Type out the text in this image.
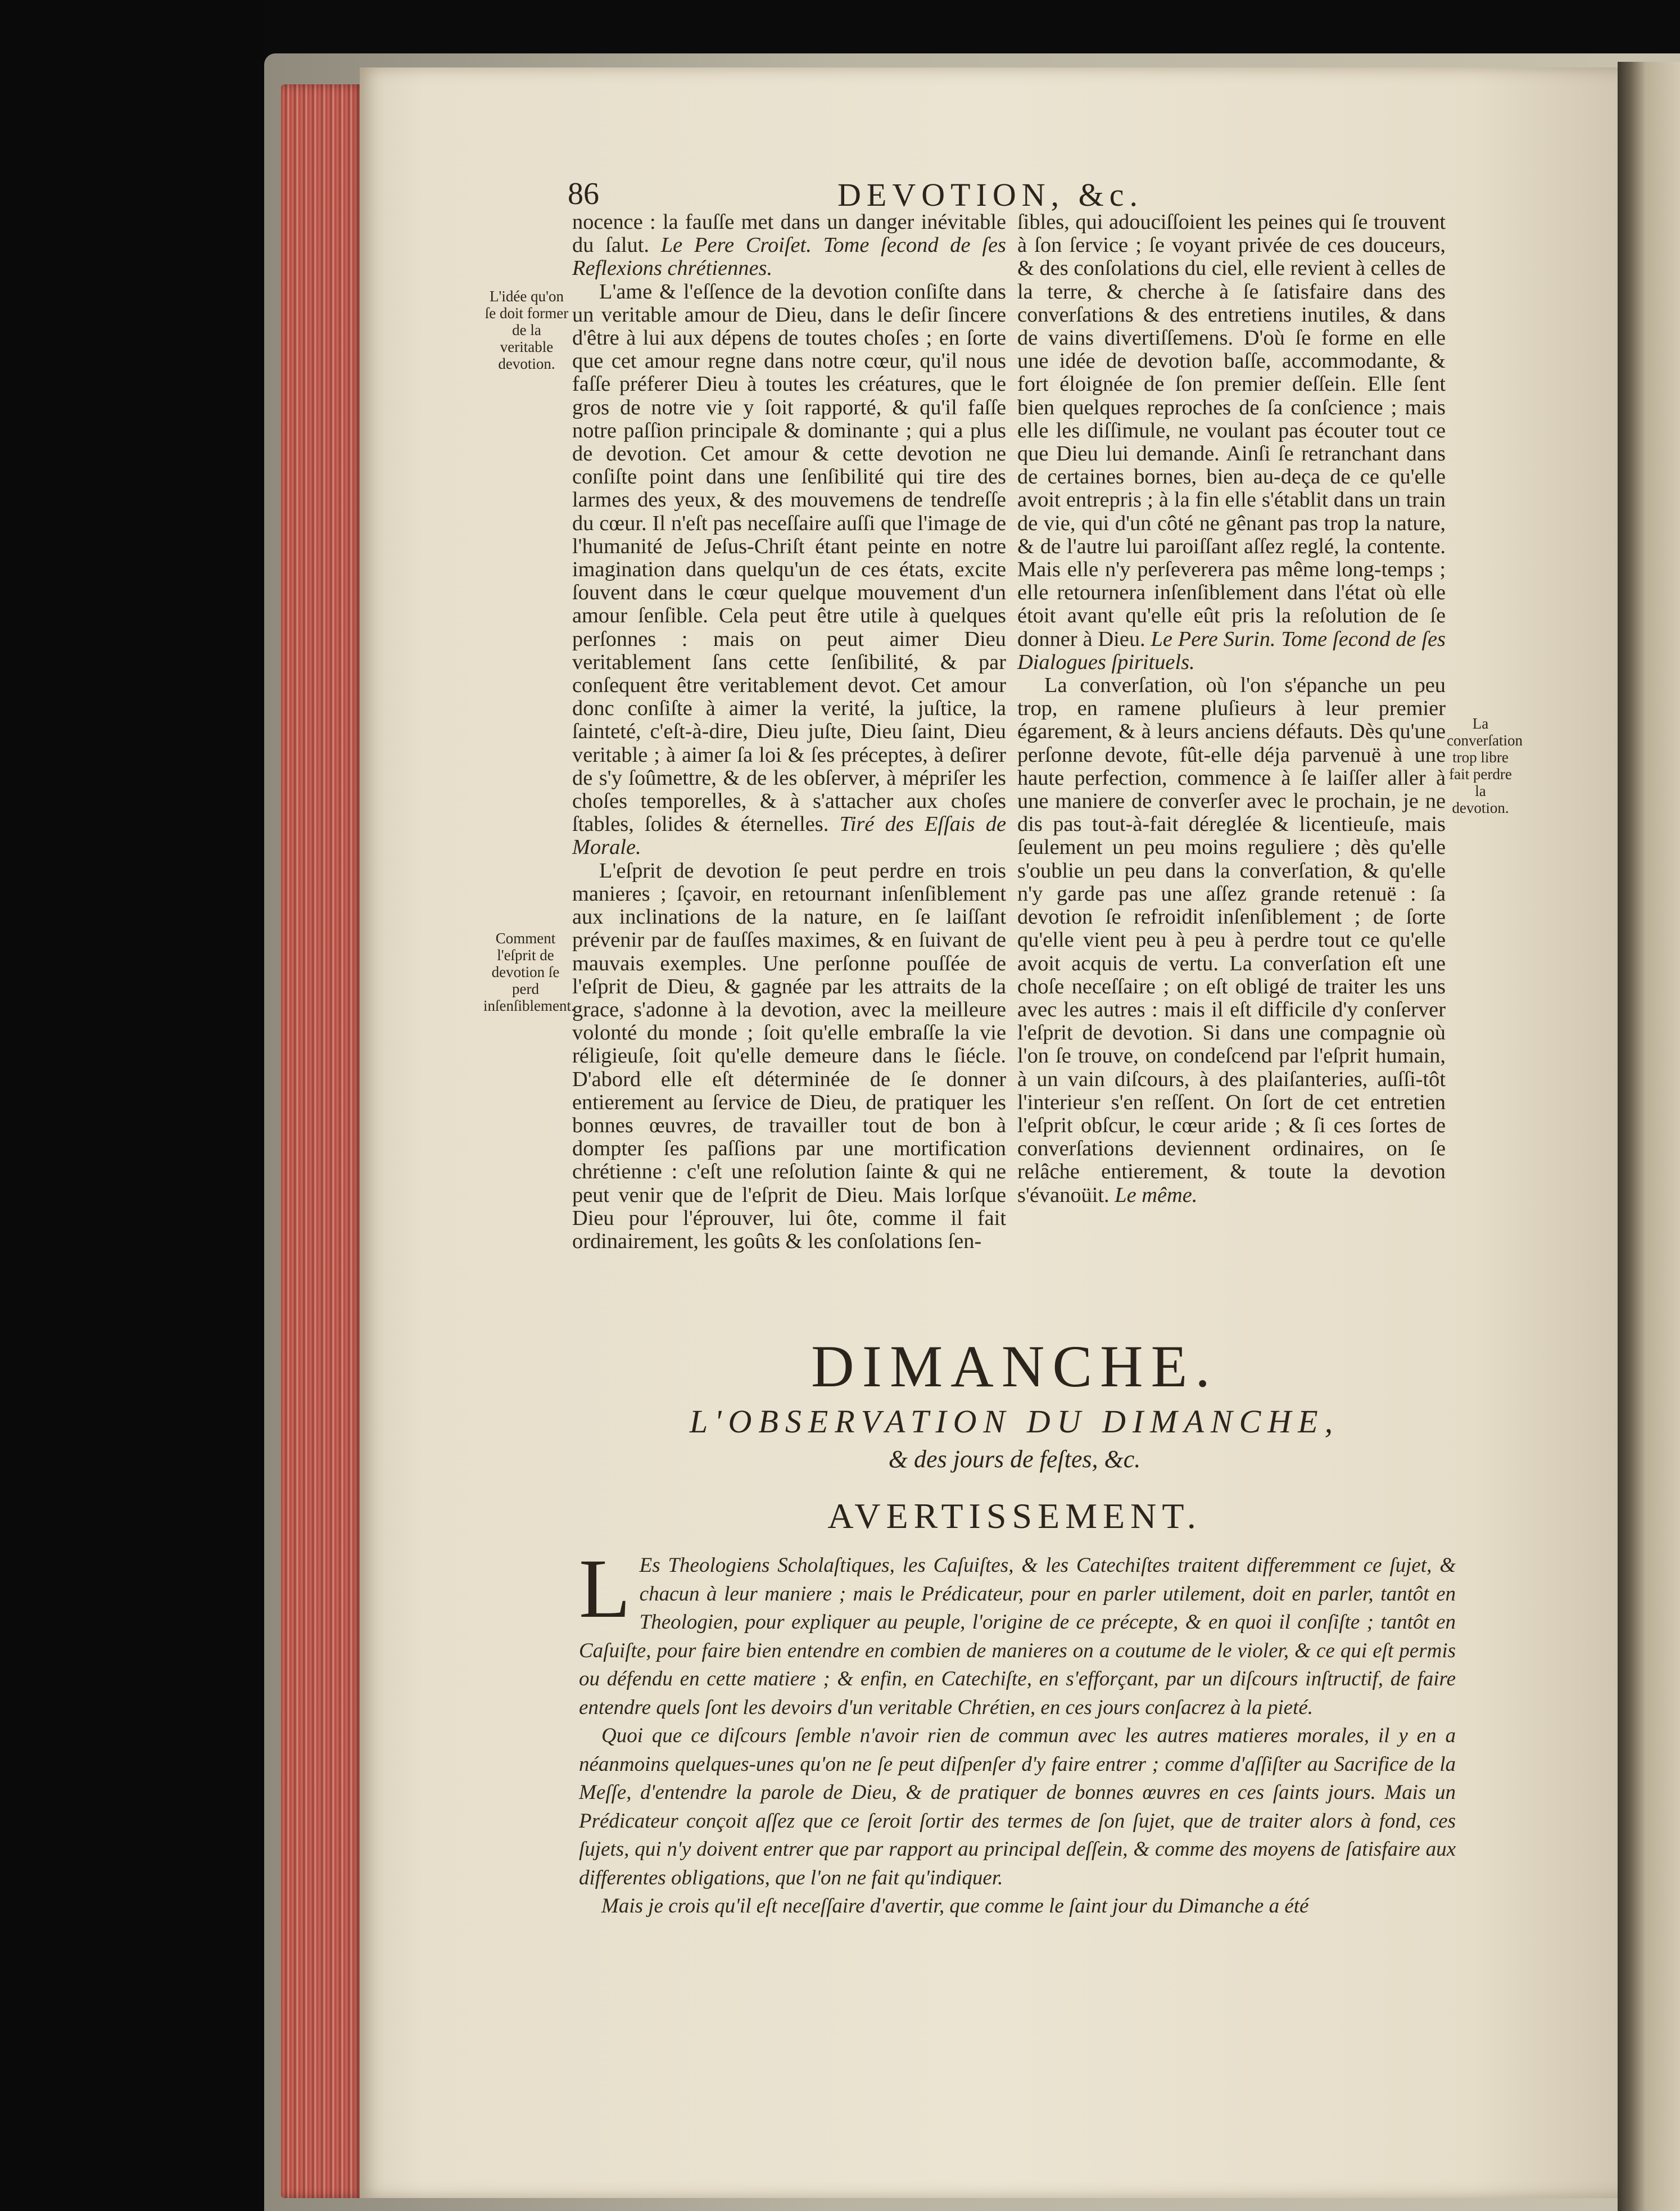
86	DEVOTION, &c.
L'idée qu'on ſe doit former de la veritable devotion.
Comment l'eſprit de devotion ſe perd inſenſiblement.
La converſation trop libre fait perdre la devotion.

nocence : la fauſſe met dans un danger inévitable du ſalut. Le Pere Croiſet. Tome ſecond de ſes Reflexions chrétiennes.

L'ame & l'eſſence de la devotion conſiſte dans un veritable amour de Dieu, dans le deſir ſincere d'être à lui aux dépens de toutes choſes ; en ſorte que cet amour regne dans notre cœur, qu'il nous faſſe préferer Dieu à toutes les créatures, que le gros de notre vie y ſoit rapporté, & qu'il faſſe notre paſſion principale & dominante ; qui a plus de devotion. Cet amour & cette devotion ne conſiſte point dans une ſenſibilité qui tire des larmes des yeux, & des mouvemens de tendreſſe du cœur. Il n'eſt pas neceſſaire auſſi que l'image de l'humanité de Jeſus-Chriſt étant peinte en notre imagination dans quelqu'un de ces états, excite ſouvent dans le cœur quelque mouvement d'un amour ſenſible. Cela peut être utile à quelques perſonnes : mais on peut aimer Dieu veritablement ſans cette ſenſibilité, & par conſequent être veritablement devot. Cet amour donc conſiſte à aimer la verité, la juſtice, la ſainteté, c'eſt-à-dire, Dieu juſte, Dieu ſaint, Dieu veritable ; à aimer ſa loi & ſes préceptes, à deſirer de s'y ſoûmettre, & de les obſerver, à mépriſer les choſes temporelles, & à s'attacher aux choſes ſtables, ſolides & éternelles. Tiré des Eſſais de Morale.

L'eſprit de devotion ſe peut perdre en trois manieres ; ſçavoir, en retournant inſenſiblement aux inclinations de la nature, en ſe laiſſant prévenir par de fauſſes maximes, & en ſuivant de mauvais exemples. Une perſonne pouſſée de l'eſprit de Dieu, & gagnée par les attraits de la grace, s'adonne à la devotion, avec la meilleure volonté du monde ; ſoit qu'elle embraſſe la vie réligieuſe, ſoit qu'elle demeure dans le ſiécle. D'abord elle eſt déterminée de ſe donner entierement au ſervice de Dieu, de pratiquer les bonnes œuvres, de travailler tout de bon à dompter ſes paſſions par une mortification chrétienne : c'eſt une reſolution ſainte & qui ne peut venir que de l'eſprit de Dieu. Mais lorſque Dieu pour l'éprouver, lui ôte, comme il fait ordinairement, les goûts & les conſolations ſen-

ſibles, qui adouciſſoient les peines qui ſe trouvent à ſon ſervice ; ſe voyant privée de ces douceurs, & des conſolations du ciel, elle revient à celles de la terre, & cherche à ſe ſatisfaire dans des converſations & des entretiens inutiles, & dans de vains divertiſſemens. D'où ſe forme en elle une idée de devotion baſſe, accommodante, & fort éloignée de ſon premier deſſein. Elle ſent bien quelques reproches de ſa conſcience ; mais elle les diſſimule, ne voulant pas écouter tout ce que Dieu lui demande. Ainſi ſe retranchant dans de certaines bornes, bien au-deça de ce qu'elle avoit entrepris ; à la fin elle s'établit dans un train de vie, qui d'un côté ne gênant pas trop la nature, & de l'autre lui paroiſſant aſſez reglé, la contente. Mais elle n'y perſeverera pas même long-temps ; elle retournera inſenſiblement dans l'état où elle étoit avant qu'elle eût pris la reſolution de ſe donner à Dieu. Le Pere Surin. Tome ſecond de ſes Dialogues ſpirituels.

La converſation, où l'on s'épanche un peu trop, en ramene pluſieurs à leur premier égarement, & à leurs anciens défauts. Dès qu'une perſonne devote, fût-elle déja parvenuë à une haute perfection, commence à ſe laiſſer aller à une maniere de converſer avec le prochain, je ne dis pas tout-à-fait déreglée & licentieuſe, mais ſeulement un peu moins reguliere ; dès qu'elle s'oublie un peu dans la converſation, & qu'elle n'y garde pas une aſſez grande retenuë : ſa devotion ſe refroidit inſenſiblement ; de ſorte qu'elle vient peu à peu à perdre tout ce qu'elle avoit acquis de vertu. La converſation eſt une choſe neceſſaire ; on eſt obligé de traiter les uns avec les autres : mais il eſt difficile d'y conſerver l'eſprit de devotion. Si dans une compagnie où l'on ſe trouve, on condeſcend par l'eſprit humain, à un vain diſcours, à des plaiſanteries, auſſi-tôt l'interieur s'en reſſent. On ſort de cet entretien l'eſprit obſcur, le cœur aride ; & ſi ces ſortes de converſations deviennent ordinaires, on ſe relâche entierement, & toute la devotion s'évanoüit. Le même.

DIMANCHE.
L'OBSERVATION DU DIMANCHE,
& des jours de feſtes, &c.
AVERTISSEMENT.

L Es Theologiens Scholaſtiques, les Caſuiſtes, & les Catechiſtes traitent differemment ce ſujet, & chacun à leur maniere ; mais le Prédicateur, pour en parler utilement, doit en parler, tantôt en Theologien, pour expliquer au peuple, l'origine de ce précepte, & en quoi il conſiſte ; tantôt en Caſuiſte, pour faire bien entendre en combien de manieres on a coutume de le violer, & ce qui eſt permis ou défendu en cette matiere ; & enfin, en Catechiſte, en s'efforçant, par un diſcours inſtructif, de faire entendre quels ſont les devoirs d'un veritable Chrétien, en ces jours conſacrez à la pieté.

Quoi que ce diſcours ſemble n'avoir rien de commun avec les autres matieres morales, il y en a néanmoins quelques-unes qu'on ne ſe peut diſpenſer d'y faire entrer ; comme d'aſſiſter au Sacrifice de la Meſſe, d'entendre la parole de Dieu, & de pratiquer de bonnes œuvres en ces ſaints jours. Mais un Prédicateur conçoit aſſez que ce ſeroit ſortir des termes de ſon ſujet, que de traiter alors à fond, ces ſujets, qui n'y doivent entrer que par rapport au principal deſſein, & comme des moyens de ſatisfaire aux differentes obligations, que l'on ne fait qu'indiquer.

Mais je crois qu'il eſt neceſſaire d'avertir, que comme le ſaint jour du Dimanche a été
